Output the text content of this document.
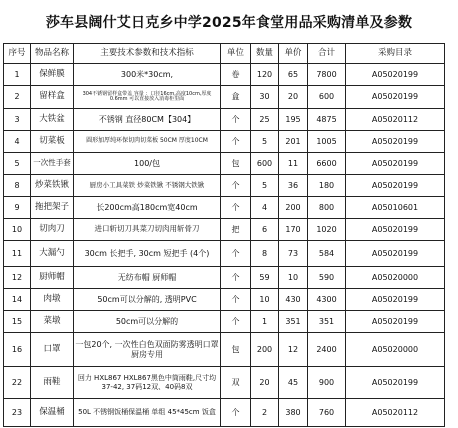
莎车县阔什艾日克乡中学2025年食堂用品采购清单及参数
序号	物品名称	主要技术参数和技术指标	单位	数量	单价	合计	采购目录
1	保鲜膜	300米*30cm,	卷	120	65	7800	A05020199
2	留样盒	304不锈钢留样盒带盖 容量 ：口径16cm,高度10cm,厚度0.6mm 可以直接放入消毒柜里面	盒	30	20	600	A05020199
3	大铁盆	不锈钢 直径80CM【304】	个	25	195	4875	A05020112
4	切菜板	圆形加厚纯环保切肉切菜板 50CM 厚度10CM	个	5	201	1005	A05020199
5	一次性手套	100/包	包	600	11	6600	A05020199
8	炒菜铁锹	厨房小工具菜铁 炒菜铁锹 不锈钢大铁锹	个	5	36	180	A05020199
9	拖把架子	长200cm高180cm宽40cm	个	4	200	800	A05010601
10	切肉刀	进口斩切刀具菜刀切肉用斩骨刀	把	6	170	1020	A05020199
11	大漏勺	30cm 长把手, 30cm 短把手 (4个)	个	8	73	584	A05020199
12	厨师帽	无纺布帽 厨师帽	个	59	10	590	A05020000
14	肉墩	50cm可以分解的, 透明PVC	个	10	430	4300	A05020199
15	菜墩	50cm可以分解的	个	1	351	351	A05020199
16	口罩	一包20个, 一次性白色双面防雾透明口罩 厨房专用	包	200	12	2400	A05020000
22	雨鞋	回力 HXL867 HXL867黑色中筒雨鞋,尺寸均37-42, 37码12双、40码8双	双	20	45	900	A05020199
23	保温桶	50L 不锈钢饭桶保温桶 单组 45*45cm 饭盒	个	2	380	760	A05020112
